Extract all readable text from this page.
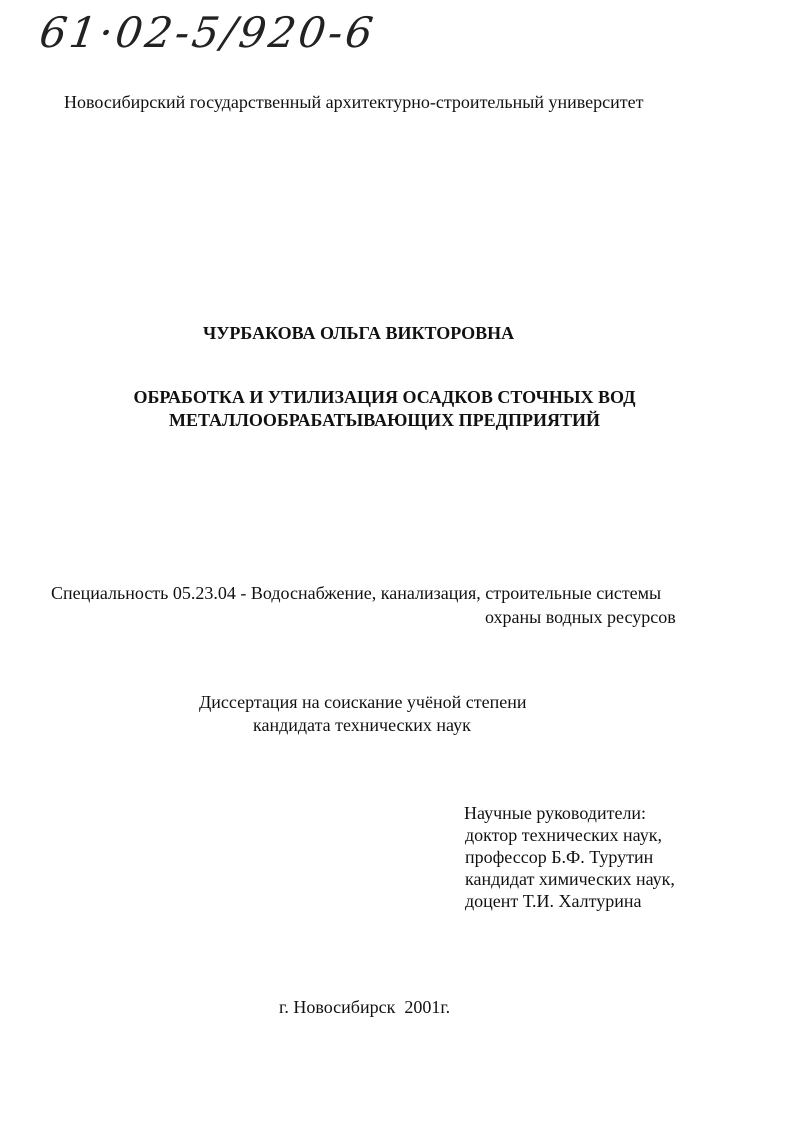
61·02-5/920-6
Новосибирский государственный архитектурно-строительный университет
ЧУРБАКОВА ОЛЬГА ВИКТОРОВНА
ОБРАБОТКА И УТИЛИЗАЦИЯ ОСАДКОВ СТОЧНЫХ ВОД
МЕТАЛЛООБРАБАТЫВАЮЩИХ ПРЕДПРИЯТИЙ
Специальность 05.23.04 - Водоснабжение, канализация, строительные системы
охраны водных ресурсов
Диссертация на соискание учёной степени
кандидата технических наук
Научные руководители:
доктор технических наук,
профессор Б.Ф. Турутин
кандидат химических наук,
доцент Т.И. Халтурина
г. Новосибирск  2001г.
